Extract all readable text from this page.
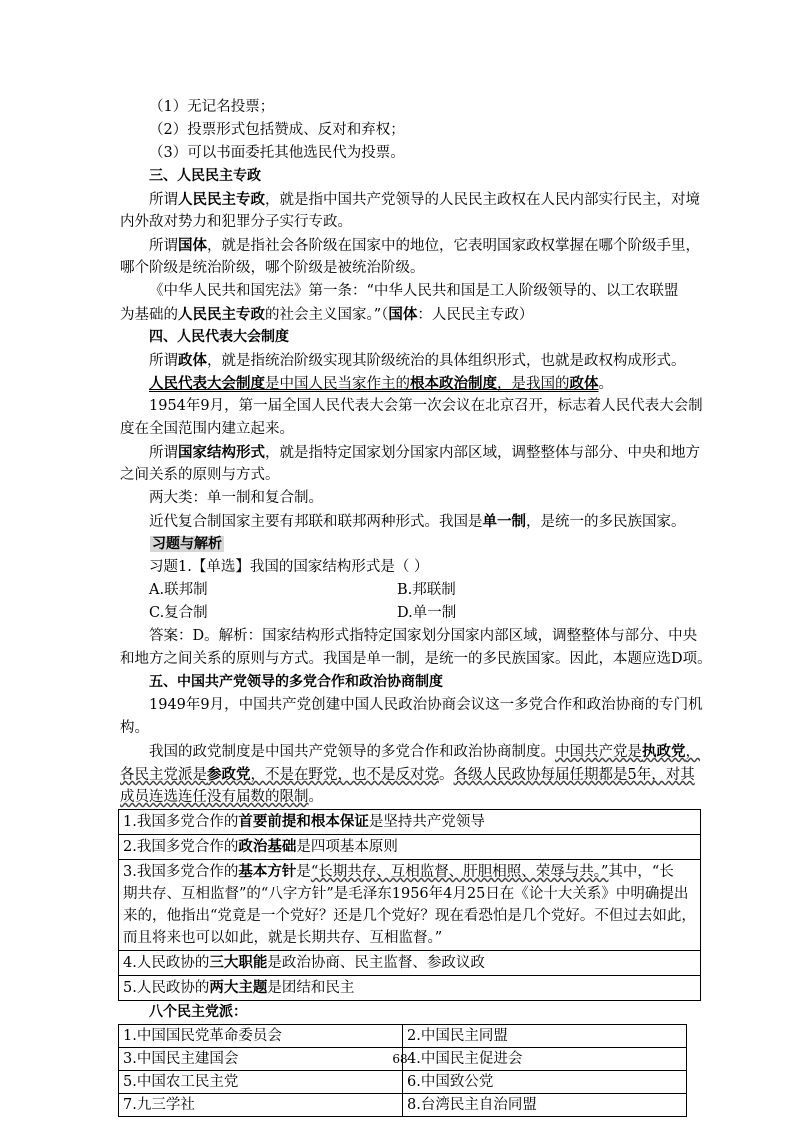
（1）无记名投票；
（2）投票形式包括赞成、反对和弃权；
（3）可以书面委托其他选民代为投票。
三、人民民主专政
所谓人民民主专政，就是指中国共产党领导的人民民主政权在人民内部实行民主，对境
内外敌对势力和犯罪分子实行专政。
所谓国体，就是指社会各阶级在国家中的地位，它表明国家政权掌握在哪个阶级手里，
哪个阶级是统治阶级，哪个阶级是被统治阶级。
《中华人民共和国宪法》第一条：“中华人民共和国是工人阶级领导的、以工农联盟
为基础的人民民主专政的社会主义国家。”（国体：人民民主专政）
四、人民代表大会制度
所谓政体，就是指统治阶级实现其阶级统治的具体组织形式，也就是政权构成形式。
人民代表大会制度是中国人民当家作主的根本政治制度，是我国的政体。
1954年9月，第一届全国人民代表大会第一次会议在北京召开，标志着人民代表大会制
度在全国范围内建立起来。
所谓国家结构形式，就是指特定国家划分国家内部区域，调整整体与部分、中央和地方
之间关系的原则与方式。
两大类：单一制和复合制。
近代复合制国家主要有邦联和联邦两种形式。我国是单一制，是统一的多民族国家。
习题与解析
习题1.【单选】我国的国家结构形式是（ ）
A.联邦制	B.邦联制
C.复合制	D.单一制
答案：D。解析：国家结构形式指特定国家划分国家内部区域，调整整体与部分、中央
和地方之间关系的原则与方式。我国是单一制，是统一的多民族国家。因此，本题应选D项。
五、中国共产党领导的多党合作和政治协商制度
1949年9月，中国共产党创建中国人民政治协商会议这一多党合作和政治协商的专门机
构。
我国的政党制度是中国共产党领导的多党合作和政治协商制度。中国共产党是执政党，
各民主党派是参政党，不是在野党，也不是反对党。各级人民政协每届任期都是5年，对其
成员连选连任没有届数的限制。
1.我国多党合作的首要前提和根本保证是坚持共产党领导
2.我国多党合作的政治基础是四项基本原则

3.我国多党合作的基本方针是“长期共存、互相监督、肝胆相照、荣辱与共。”其中，“长
期共存、互相监督”的“八字方针”是毛泽东1956年4月25日在《论十大关系》中明确提出
来的，他指出“党竟是一个党好？还是几个党好？现在看恐怕是几个党好。不但过去如此，
而且将来也可以如此，就是长期共存、互相监督。”

4.人民政协的三大职能是政治协商、民主监督、参政议政
5.人民政协的两大主题是团结和民主
八个民主党派：
1.中国国民党革命委员会	2.中国民主同盟
3.中国民主建国会	4.中国民主促进会
5.中国农工民主党	6.中国致公党
7.九三学社	8.台湾民主自治同盟
68
